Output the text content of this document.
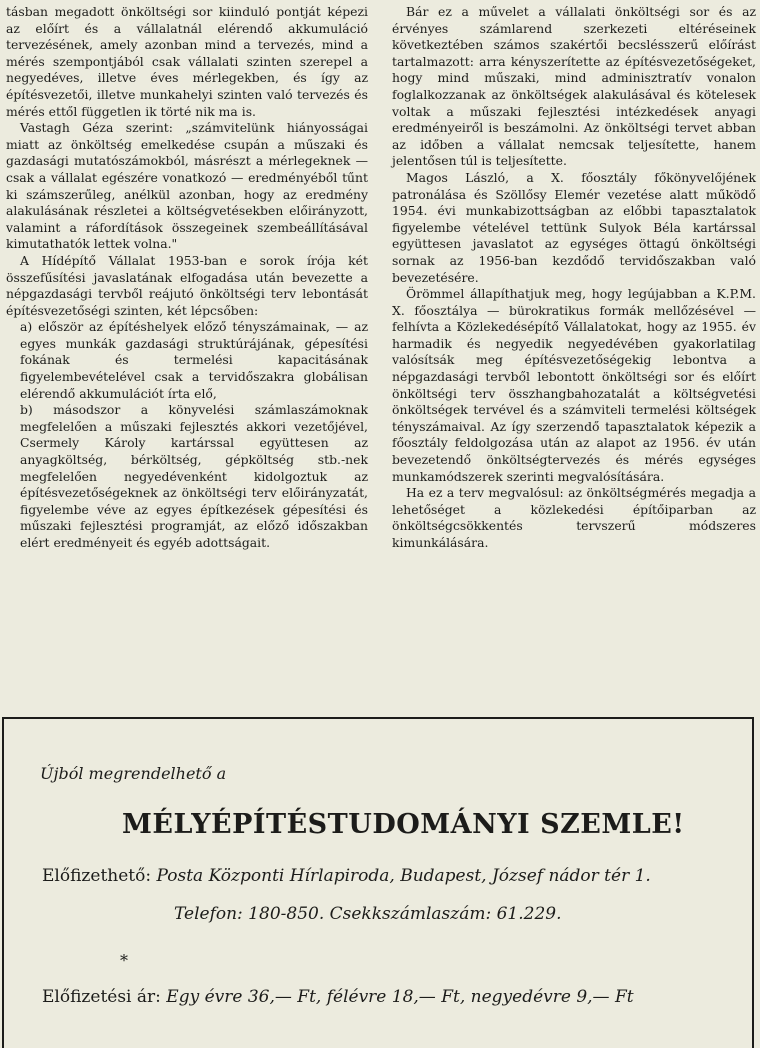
tásban megadott önköltségi sor kiinduló pontját képezi az előírt és a vállalatnál elérendő akkumuláció tervezésének, amely azonban mind a tervezés, mind a mérés szempontjából csak vállalati szinten szerepel a negyedéves, illetve éves mérlegekben, és így az építésvezetői, illetve munkahelyi szinten való tervezés és mérés ettől független ik törté nik ma is.

Vastagh Géza szerint: „számvitelünk hiányosságai miatt az önköltség emelkedése csupán a műszaki és gazdasági mutatószámokból, másrészt a mérlegeknek — csak a vállalat egészére vonatkozó — eredményéből tűnt ki számszerűleg, anélkül azonban, hogy az eredmény alakulásának részletei a költségvetésekben előirányzott, valamint a ráfordítások összegeinek szembeállításával kimutathatók lettek volna."

A Hídépítő Vállalat 1953-ban e sorok írója két összefűsítési javaslatának elfogadása után bevezette a népgazdasági tervből reájutó önköltségi terv lebontását építésvezetőségi szinten, két lépcsőben:

a) először az építéshelyek előző tényszámainak, — az egyes munkák gazdasági struktúrájának, gépesítési fokának és termelési kapacitásának figyelembevételével csak a tervidőszakra globálisan elérendő akkumulációt írta elő,

b) másodszor a könyvelési számlaszámoknak megfelelően a műszaki fejlesztés akkori vezetőjével, Csermely Károly kartárssal együttesen az anyagköltség, bérköltség, gépköltség stb.-nek megfelelően negyedévenként kidolgoztuk az építésvezetőségeknek az önköltségi terv előirányzatát, figyelembe véve az egyes építkezések gépesítési és műszaki fejlesztési programját, az előző időszakban elért eredményeit és egyéb adottságait.

Bár ez a művelet a vállalati önköltségi sor és az érvényes számlarend szerkezeti eltéréseinek következtében számos szakértői becslésszerű előírást tartalmazott: arra kényszerítette az építésvezetőségeket, hogy mind műszaki, mind adminisztratív vonalon foglalkozzanak az önköltségek alakulásával és kötelesek voltak a műszaki fejlesztési intézkedések anyagi eredményeiről is beszámolni. Az önköltségi tervet abban az időben a vállalat nemcsak teljesítette, hanem jelentősen túl is teljesítette.

Magos László, a X. főosztály főkönyvelőjének patronálása és Szöllősy Elemér vezetése alatt működő 1954. évi munkabizottságban az előbbi tapasztalatok figyelembe vételével tettünk Sulyok Béla kartárssal együttesen javaslatot az egységes öttagú önköltségi sornak az 1956-ban kezdődő tervidőszakban való bevezetésére.

Örömmel állapíthatjuk meg, hogy legújabban a K.P.M. X. főosztálya — bürokratikus formák mellőzésével — felhívta a Közlekedésépítő Vállalatokat, hogy az 1955. év harmadik és negyedik negyedévében gyakorlatilag valósítsák meg építésvezetőségekig lebontva a népgazdasági tervből lebontott önköltségi sor és előírt önköltségi terv összhangbahozatalát a költségvetési önköltségek tervével és a számviteli termelési költségek tényszámaival. Az így szerzendő tapasztalatok képezik a főosztály feldolgozása után az alapot az 1956. év után bevezetendő önköltségtervezés és mérés egységes munkamódszerek szerinti megvalósítására.

Ha ez a terv megvalósul: az önköltségmérés megadja a lehetőséget a közlekedési építőiparban az önköltségcsökkentés tervszerű módszeres kimunkálására.

Újból megrendelhető a
MÉLYÉPÍTÉSTUDOMÁNYI SZEMLE!
Előfizethető: Posta Központi Hírlapiroda, Budapest, József nádor tér 1.
Telefon: 180-850. Csekkszámlaszám: 61.229.
*
Előfizetési ár: Egy évre 36,— Ft, félévre 18,— Ft, negyedévre 9,— Ft
